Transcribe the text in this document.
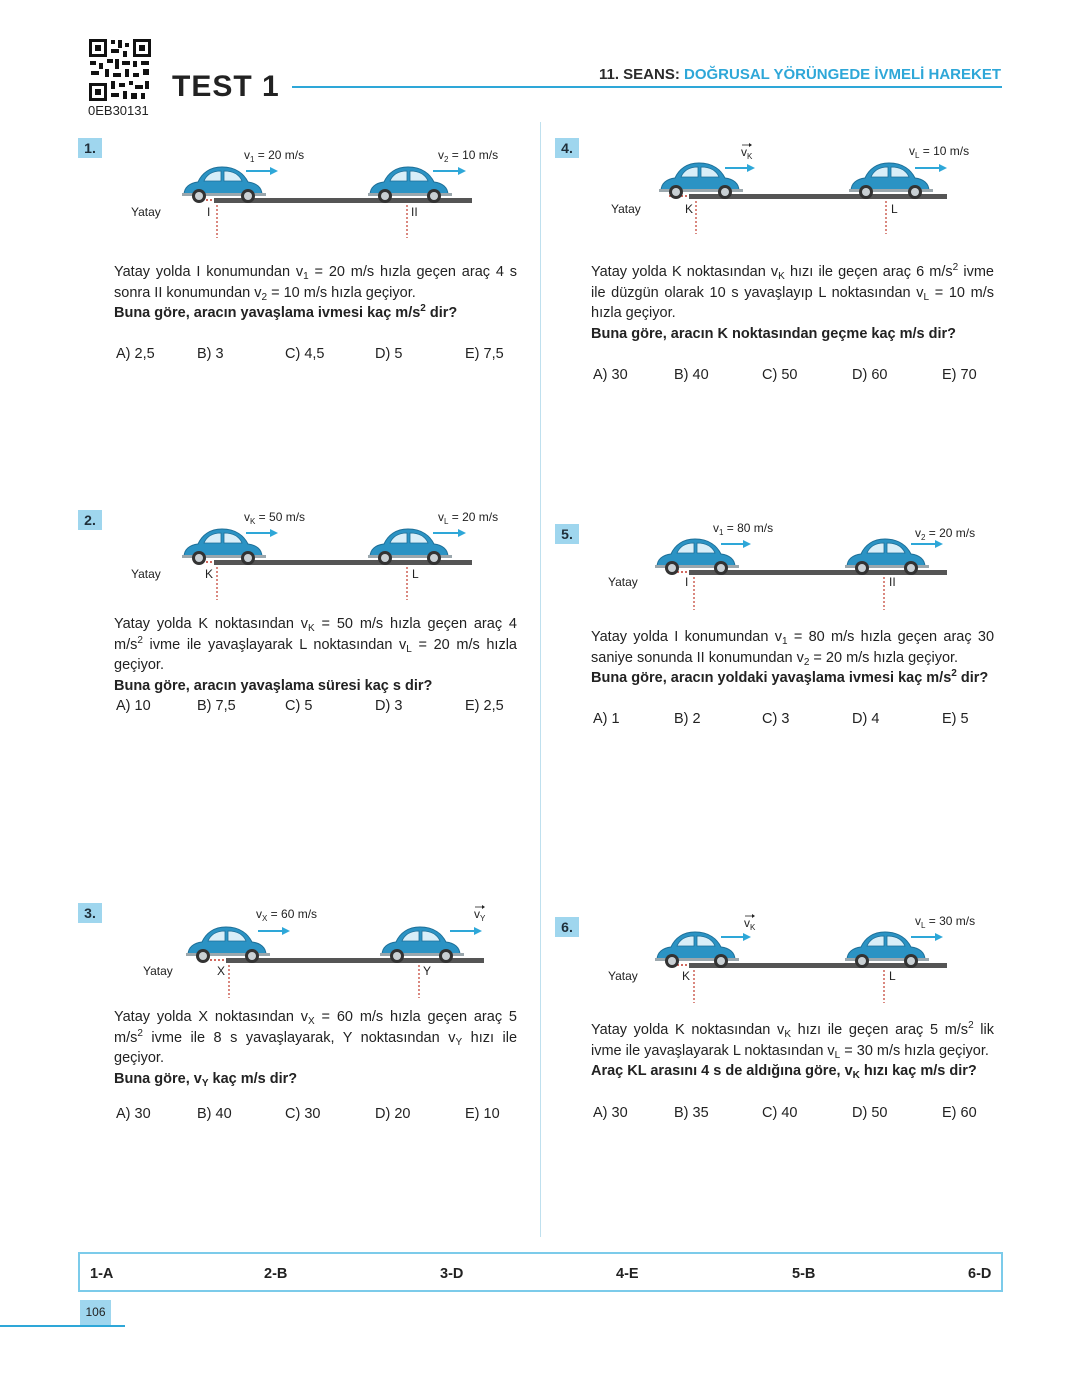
0EB30131
TEST 1	11. SEANS: DOĞRUSAL YÖRÜNGEDE İVMELİ HAREKET
1.
Yatay	I	II
$v_1 = 20$ m/s	$v_2 = 10$ m/s
Yatay yolda I konumundan $v_1 = 20$ m/s hızla geçen araç 4 s sonra II konumundan $v_2 = 10$ m/s hızla geçiyor.
Buna göre, aracın yavaşlama ivmesi kaç $m/s^2$ dir?
A) 2,5	B) 3	C) 4,5	D) 5	E) 7,5
2.
Yatay	K	L
$v_K = 50$ m/s	$v_L = 20$ m/s
Yatay yolda K noktasından $v_K = 50$ m/s hızla geçen araç 4 $m/s^2$ ivme ile yavaşlayarak L noktasından $v_L = 20$ m/s hızla geçiyor.
Buna göre, aracın yavaşlama süresi kaç s dir?
A) 10	B) 7,5	C) 5	D) 3	E) 2,5
3.
Yatay	X	Y
$v_X = 60$ m/s	$v_Y$
Yatay yolda X noktasından $v_X = 60$ m/s hızla geçen araç 5 $m/s^2$ ivme ile 8 s yavaşlayarak, Y noktasından $v_Y$ hızı ile geçiyor.
Buna göre, $v_Y$ kaç m/s dir?
A) 30	B) 40	C) 30	D) 20	E) 10
4.
Yatay	K	L
$v_K$	$v_L = 10$ m/s
Yatay yolda K noktasından $v_K$ hızı ile geçen araç 6 $m/s^2$ ivme ile düzgün olarak 10 s yavaşlayıp L noktasından $v_L = 10$ m/s hızla geçiyor.
Buna göre, aracın K noktasından geçme kaç m/s dir?
A) 30	B) 40	C) 50	D) 60	E) 70
5.
Yatay	I	II
$v_1 = 80$ m/s	$v_2 = 20$ m/s
Yatay yolda I konumundan $v_1 = 80$ m/s hızla geçen araç 30 saniye sonunda II konumundan $v_2 = 20$ m/s hızla geçiyor.
Buna göre, aracın yoldaki yavaşlama ivmesi kaç $m/s^2$ dir?
A) 1	B) 2	C) 3	D) 4	E) 5
6.
Yatay	K	L
$v_K$	$v_L = 30$ m/s
Yatay yolda K noktasından $v_K$ hızı ile geçen araç 5 $m/s^2$ lik ivme ile yavaşlayarak L noktasından $v_L = 30$ m/s hızla geçiyor.
Araç KL arasını 4 s de aldığına göre, $v_K$ hızı kaç m/s dir?
A) 30	B) 35	C) 40	D) 50	E) 60
1-A	2-B	3-D	4-E	5-B	6-D
106
